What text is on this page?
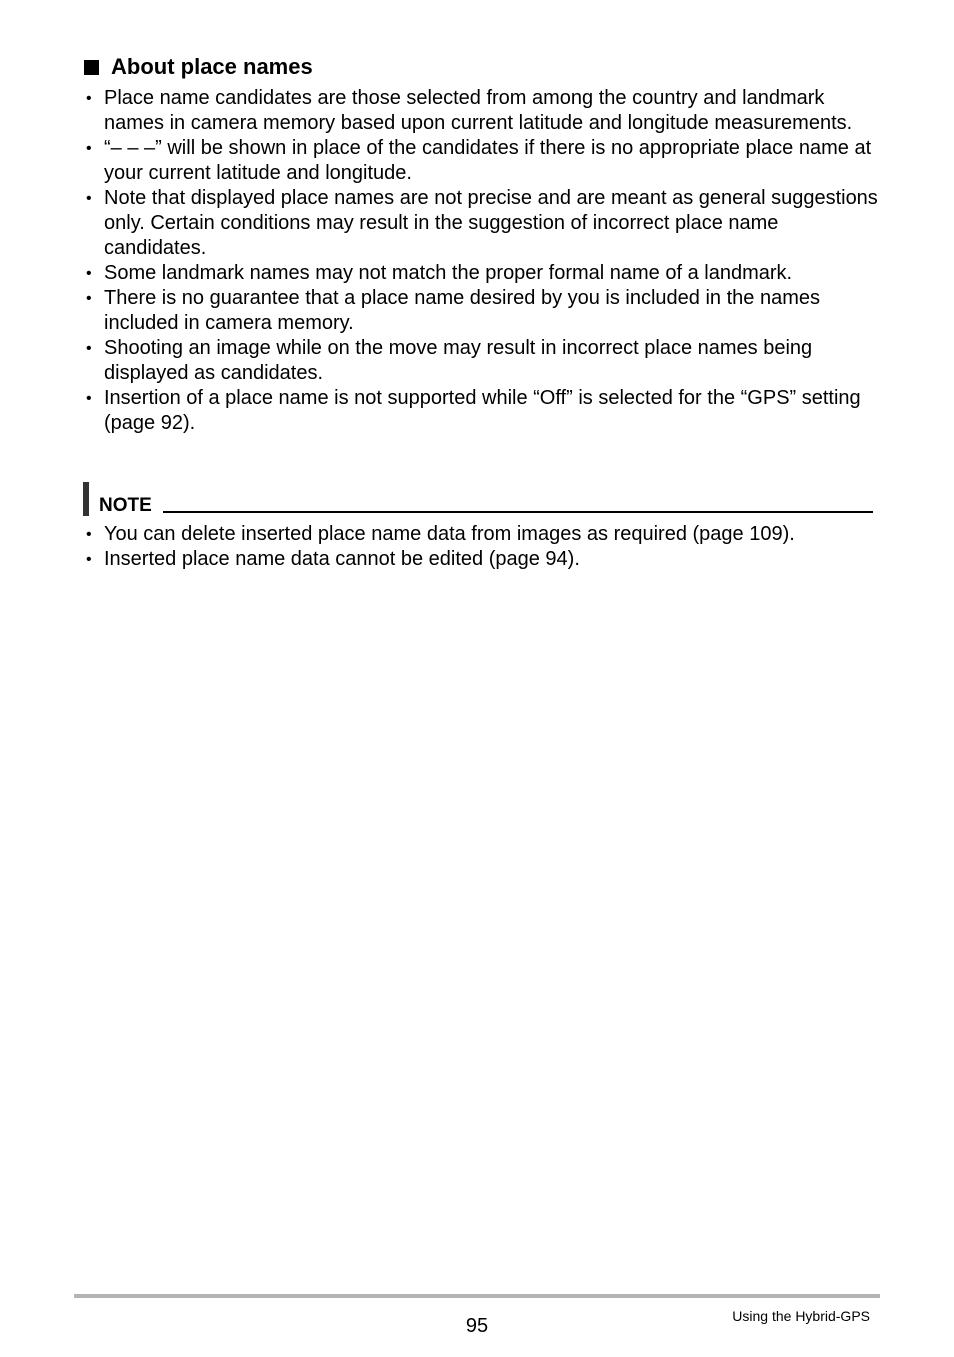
About place names
• Place name candidates are those selected from among the country and landmark names in camera memory based upon current latitude and longitude measurements.
• “– – –” will be shown in place of the candidates if there is no appropriate place name at your current latitude and longitude.
• Note that displayed place names are not precise and are meant as general suggestions only. Certain conditions may result in the suggestion of incorrect place name candidates.
• Some landmark names may not match the proper formal name of a landmark.
• There is no guarantee that a place name desired by you is included in the names included in camera memory.
• Shooting an image while on the move may result in incorrect place names being displayed as candidates.
• Insertion of a place name is not supported while “Off” is selected for the “GPS” setting (page 92).
NOTE
• You can delete inserted place name data from images as required (page 109).
• Inserted place name data cannot be edited (page 94).
95	Using the Hybrid-GPS
